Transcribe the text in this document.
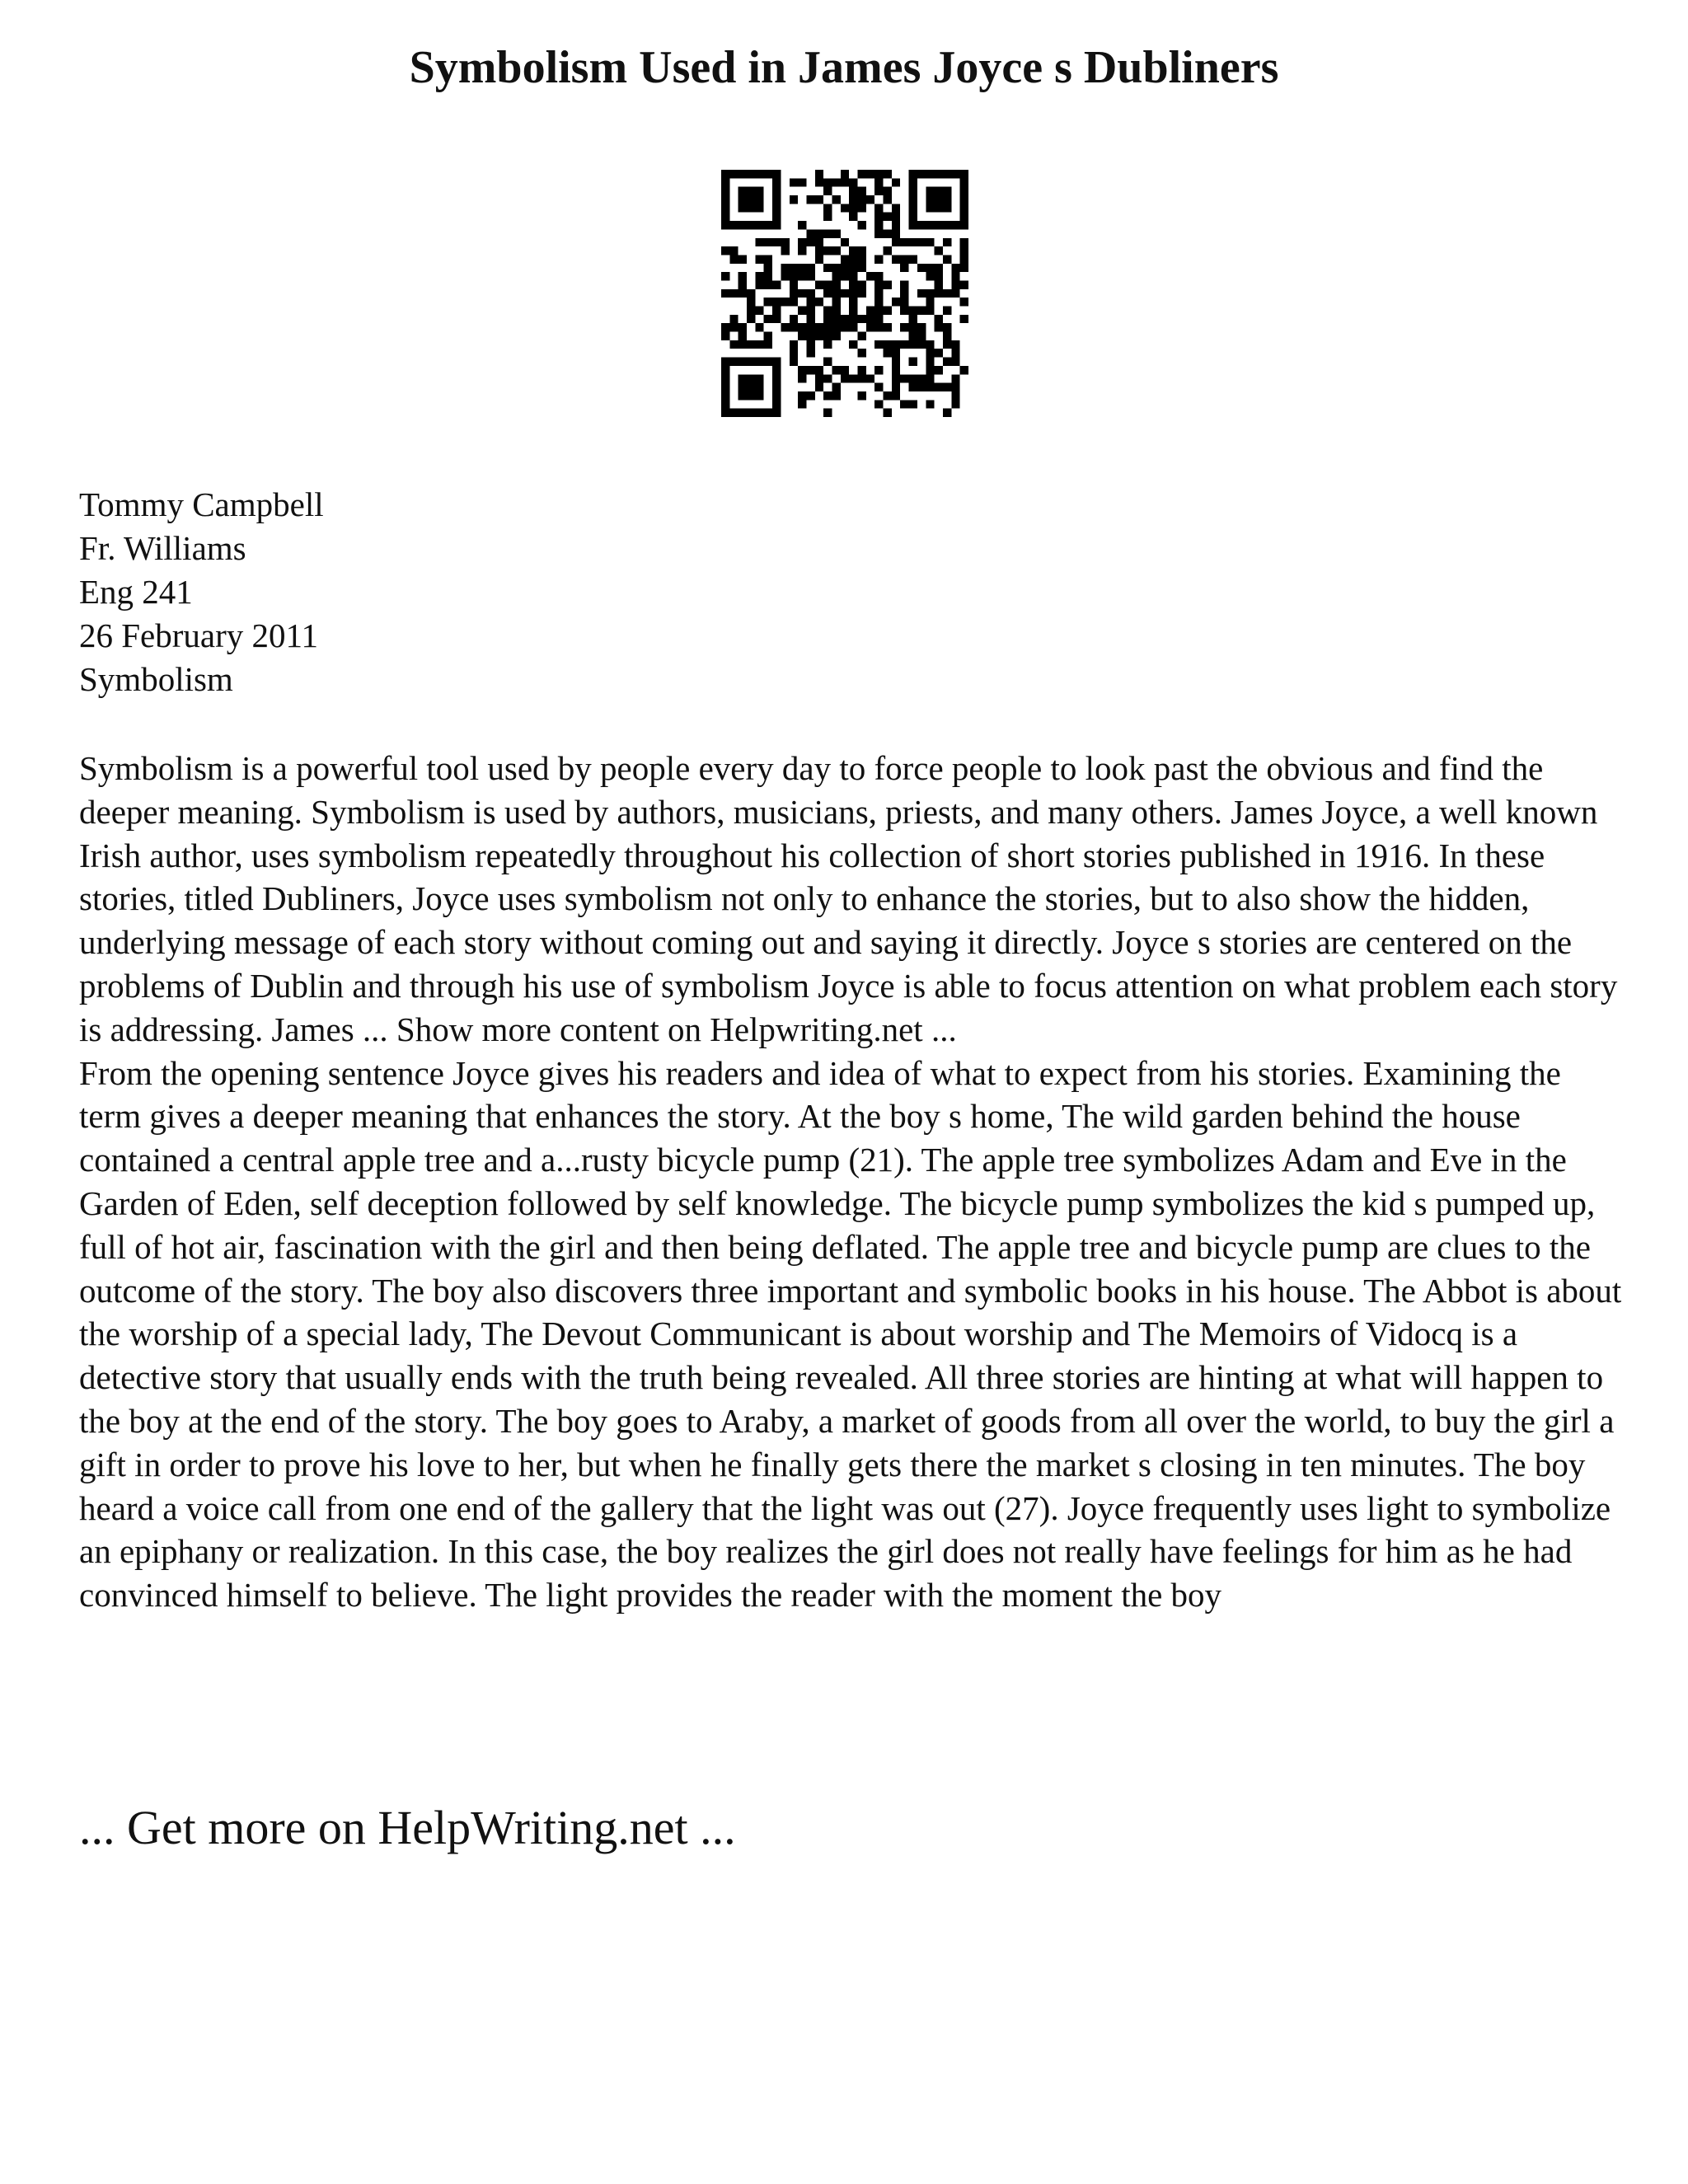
Symbolism Used in James Joyce s Dubliners
Tommy Campbell
Fr. Williams
Eng 241
26 February 2011
Symbolism

Symbolism is a powerful tool used by people every day to force people to look past the obvious and find the deeper meaning. Symbolism is used by authors, musicians, priests, and many others. James Joyce, a well known Irish author, uses symbolism repeatedly throughout his collection of short stories published in 1916. In these stories, titled Dubliners, Joyce uses symbolism not only to enhance the stories, but to also show the hidden, underlying message of each story without coming out and saying it directly. Joyce s stories are centered on the problems of Dublin and through his use of symbolism Joyce is able to focus attention on what problem each story is addressing. James ... Show more content on Helpwriting.net ...

From the opening sentence Joyce gives his readers and idea of what to expect from his stories. Examining the term gives a deeper meaning that enhances the story. At the boy s home, The wild garden behind the house contained a central apple tree and a...rusty bicycle pump (21). The apple tree symbolizes Adam and Eve in the Garden of Eden, self deception followed by self knowledge. The bicycle pump symbolizes the kid s pumped up, full of hot air, fascination with the girl and then being deflated. The apple tree and bicycle pump are clues to the outcome of the story. The boy also discovers three important and symbolic books in his house. The Abbot is about the worship of a special lady, The Devout Communicant is about worship and The Memoirs of Vidocq is a detective story that usually ends with the truth being revealed. All three stories are hinting at what will happen to the boy at the end of the story. The boy goes to Araby, a market of goods from all over the world, to buy the girl a gift in order to prove his love to her, but when he finally gets there the market s closing in ten minutes. The boy heard a voice call from one end of the gallery that the light was out (27). Joyce frequently uses light to symbolize an epiphany or realization. In this case, the boy realizes the girl does not really have feelings for him as he had convinced himself to believe. The light provides the reader with the moment the boy

... Get more on HelpWriting.net ...
